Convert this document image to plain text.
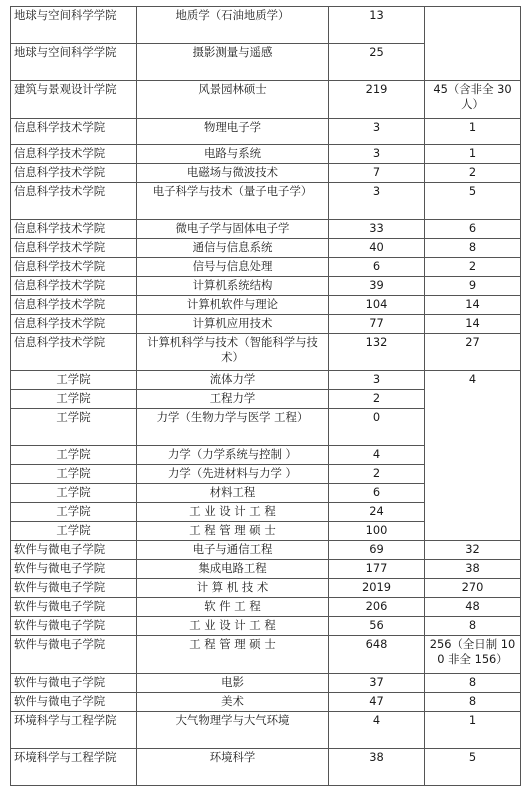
地球与空间科学学院	地质学（石油地质学）	13	
地球与空间科学学院	摄影测量与遥感	25	
建筑与景观设计学院	风景园林硕士	219	45（含非全 30 人）
信息科学技术学院	物理电子学	3	1
信息科学技术学院	电路与系统	3	1
信息科学技术学院	电磁场与微波技术	7	2
信息科学技术学院	电子科学与技术（量子电子学）	3	5
信息科学技术学院	微电子学与固体电子学	33	6
信息科学技术学院	通信与信息系统	40	8
信息科学技术学院	信号与信息处理	6	2
信息科学技术学院	计算机系统结构	39	9
信息科学技术学院	计算机软件与理论	104	14
信息科学技术学院	计算机应用技术	77	14
信息科学技术学院	计算机科学与技术（智能科学与技术）	132	27
工学院	流体力学	3	4
工学院	工程力学	2	
工学院	力学（生物力学与医学 工程）	0	
工学院	力学（力学系统与控制 ）	4	
工学院	力学（先进材料与力学 ）	2	
工学院	材料工程	6	
工学院	工 业 设 计 工 程	24	
工学院	工 程 管 理 硕 士	100	
软件与微电子学院	电子与通信工程	69	32
软件与微电子学院	集成电路工程	177	38
软件与微电子学院	计 算 机 技 术	2019	270
软件与微电子学院	软 件 工 程	206	48
软件与微电子学院	工 业 设 计 工 程	56	8
软件与微电子学院	工 程 管 理 硕 士	648	256（全日制 100 非全 156）
软件与微电子学院	电影	37	8
软件与微电子学院	美术	47	8
环境科学与工程学院	大气物理学与大气环境	4	1
环境科学与工程学院	环境科学	38	5
